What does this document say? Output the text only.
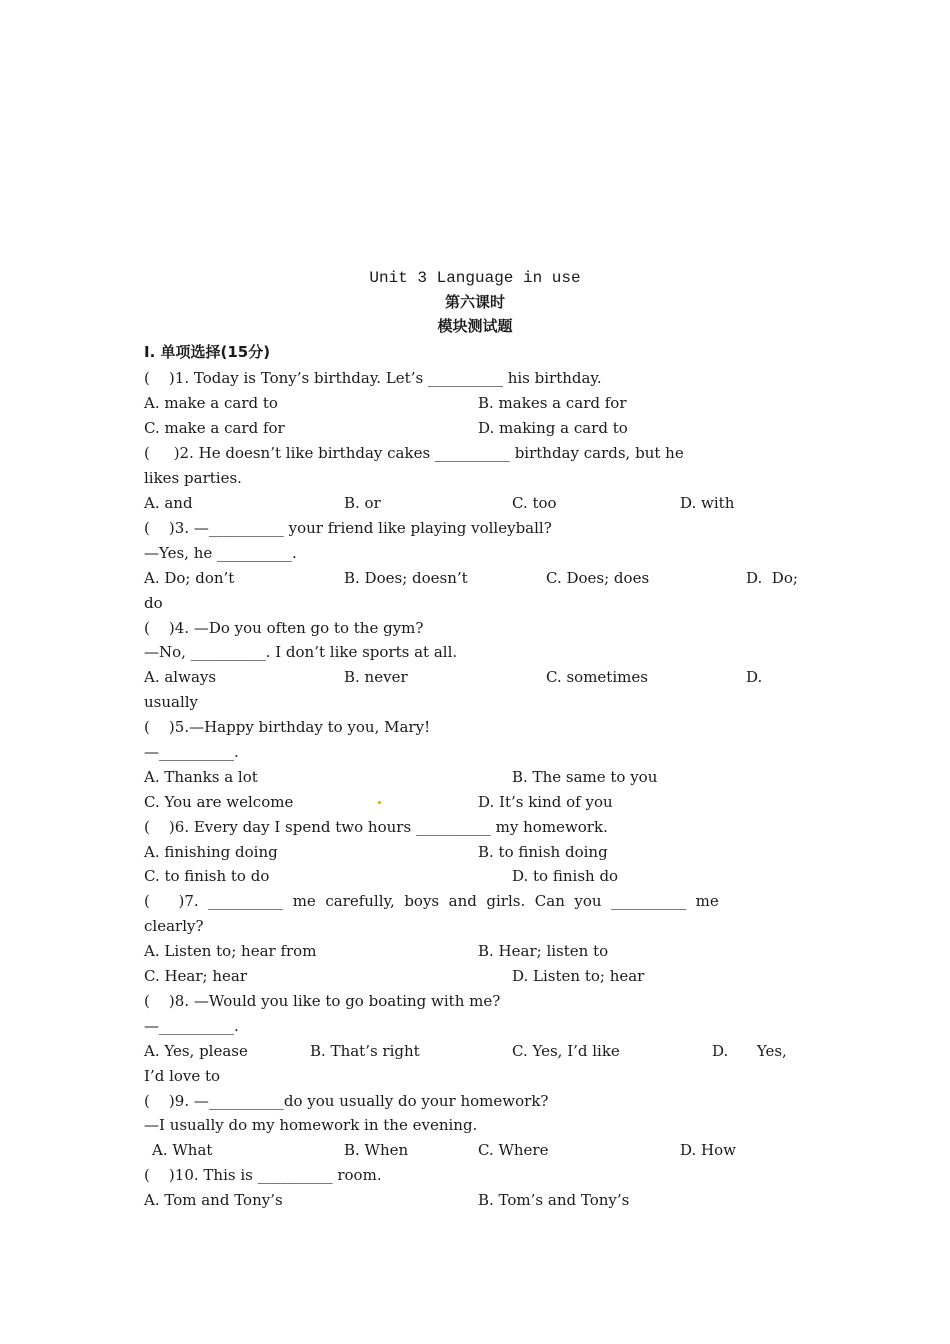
Unit 3 Language in use
第六课时
模块测试题
Ⅰ. 单项选择(15分)
(    )1. Today is Tony’s birthday. Let’s __________ his birthday.
A. make a card to	B. makes a card for
C. make a card for	D. making a card to
(     )2. He doesn’t like birthday cakes __________ birthday cards, but he
likes parties.
A. and	B. or	C. too	D. with
(    )3. —__________ your friend like playing volleyball?
—Yes, he __________.
A. Do; don’t	B. Does; doesn’t	C. Does; does	D.  Do;
do
(    )4. —Do you often go to the gym?
—No, __________. I don’t like sports at all.
A. always	B. never	C. sometimes	D.
usually
(    )5.—Happy birthday to you, Mary!
—__________.
A. Thanks a lot	B. The same to you
C. You are welcome	D. It’s kind of you
(    )6. Every day I spend two hours __________ my homework.
A. finishing doing	B. to finish doing
C. to finish to do	D. to finish do
(      )7.  __________  me  carefully,  boys  and  girls.  Can  you  __________  me
clearly?
A. Listen to; hear from	B. Hear; listen to
C. Hear; hear	D. Listen to; hear
(    )8. —Would you like to go boating with me?
—__________.
A. Yes, please	B. That’s right	C. Yes, I’d like	D.      Yes,
I’d love to
(    )9. —__________do you usually do your homework?
—I usually do my homework in the evening.
A. What	B. When	C. Where	D. How
(    )10. This is __________ room.
A. Tom and Tony’s	B. Tom’s and Tony’s
